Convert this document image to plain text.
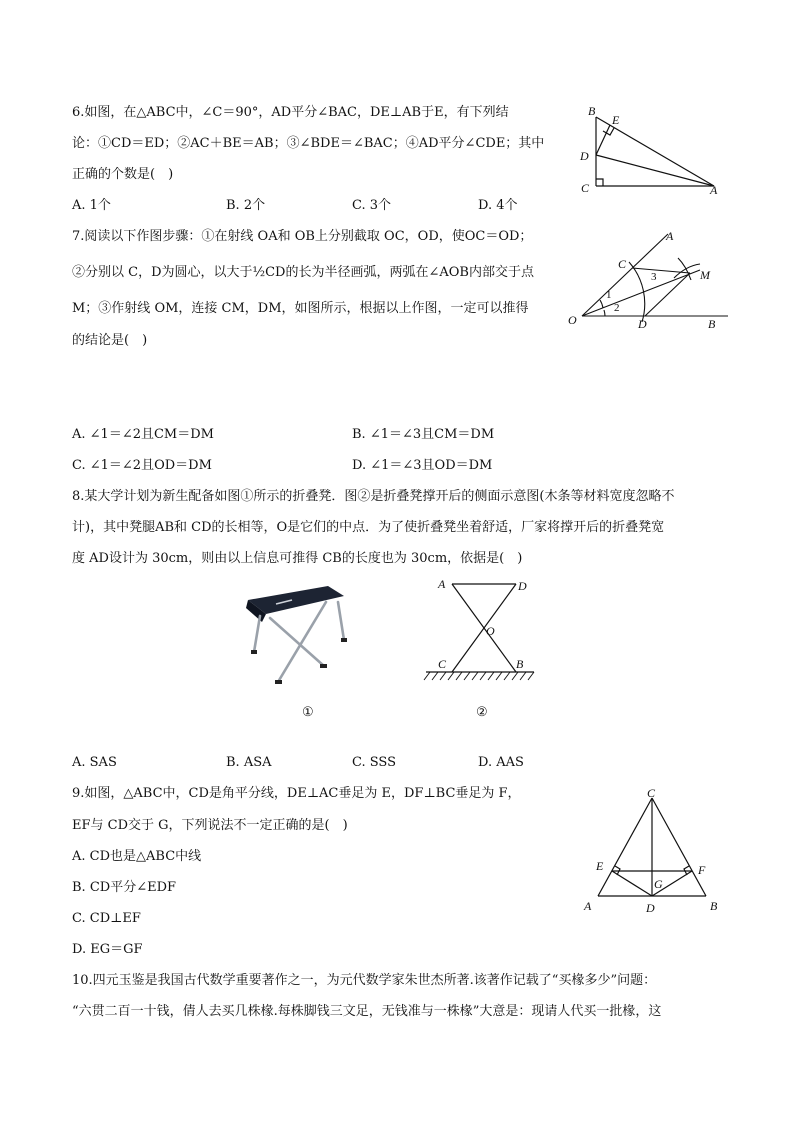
6.如图，在△ABC中，∠C＝90°，AD平分∠BAC，DE⊥AB于E，有下列结
论：①CD＝ED；②AC＋BE＝AB；③∠BDE＝∠BAC；④AD平分∠CDE；其中
正确的个数是(　)
A. 1个	B. 2个	C. 3个	D. 4个
B
E
D
C	A
7.阅读以下作图步骤：①在射线 OA和 OB上分别截取 OC，OD，使OC＝OD；
②分别以 C，D为圆心，以大于½CD的长为半径画弧，两弧在∠AOB内部交于点
M；③作射线 OM，连接 CM，DM，如图所示，根据以上作图，一定可以推得
的结论是(　)
A. ∠1＝∠2且CM＝DM	B. ∠1＝∠3且CM＝DM
C. ∠1＝∠2且OD＝DM	D. ∠1＝∠3且OD＝DM
A
C
M
O	D	B
1
2
3
8.某大学计划为新生配备如图①所示的折叠凳．图②是折叠凳撑开后的侧面示意图(木条等材料宽度忽略不
计)，其中凳腿AB和 CD的长相等，O是它们的中点．为了使折叠凳坐着舒适，厂家将撑开后的折叠凳宽
度 AD设计为 30cm，则由以上信息可推得 CB的长度也为 30cm，依据是(　)
A	D
O
C	B
①	②
A. SAS	B. ASA	C. SSS	D. AAS
9.如图，△ABC中，CD是角平分线，DE⊥AC垂足为 E，DF⊥BC垂足为 F，
EF与 CD交于 G，下列说法不一定正确的是(　)
A. CD也是△ABC中线
B. CD平分∠EDF
C. CD⊥EF
D. EG＝GF
C
E	F
G
A	D	B
10.四元玉鉴是我国古代数学重要著作之一，为元代数学家朱世杰所著.该著作记载了“买椽多少”问题：
“六贯二百一十钱，倩人去买几株椽.每株脚钱三文足，无钱准与一株椽”大意是：现请人代买一批椽，这
